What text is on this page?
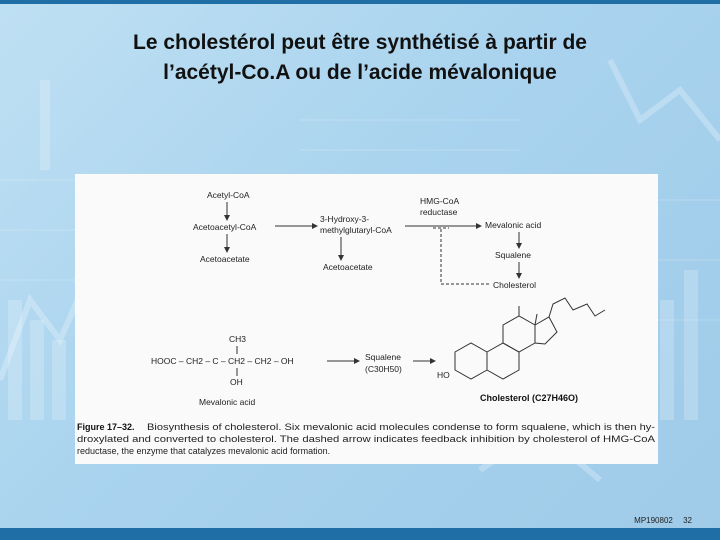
Le cholestérol peut être synthétisé à partir de
l’acétyl-Co.A ou de l’acide mévalonique
Acetyl-CoA
Acetoacetyl-CoA
Acetoacetate
3-Hydroxy-3-
methylglutaryl-CoA
Acetoacetate
HMG-CoA
reductase
Mevalonic acid
Squalene
Cholesterol
CH3
HOOC – CH2 – C – CH2 – CH2 – OH
OH
Mevalonic acid
Squalene
(C30H50)
HO
Cholesterol (C27H46O)
Figure 17–32. Biosynthesis of cholesterol. Six mevalonic acid molecules condense to form squalene, which is then hy-
droxylated and converted to cholesterol. The dashed arrow indicates feedback inhibition by cholesterol of HMG-CoA
reductase, the enzyme that catalyzes mevalonic acid formation.
MP190802 32
